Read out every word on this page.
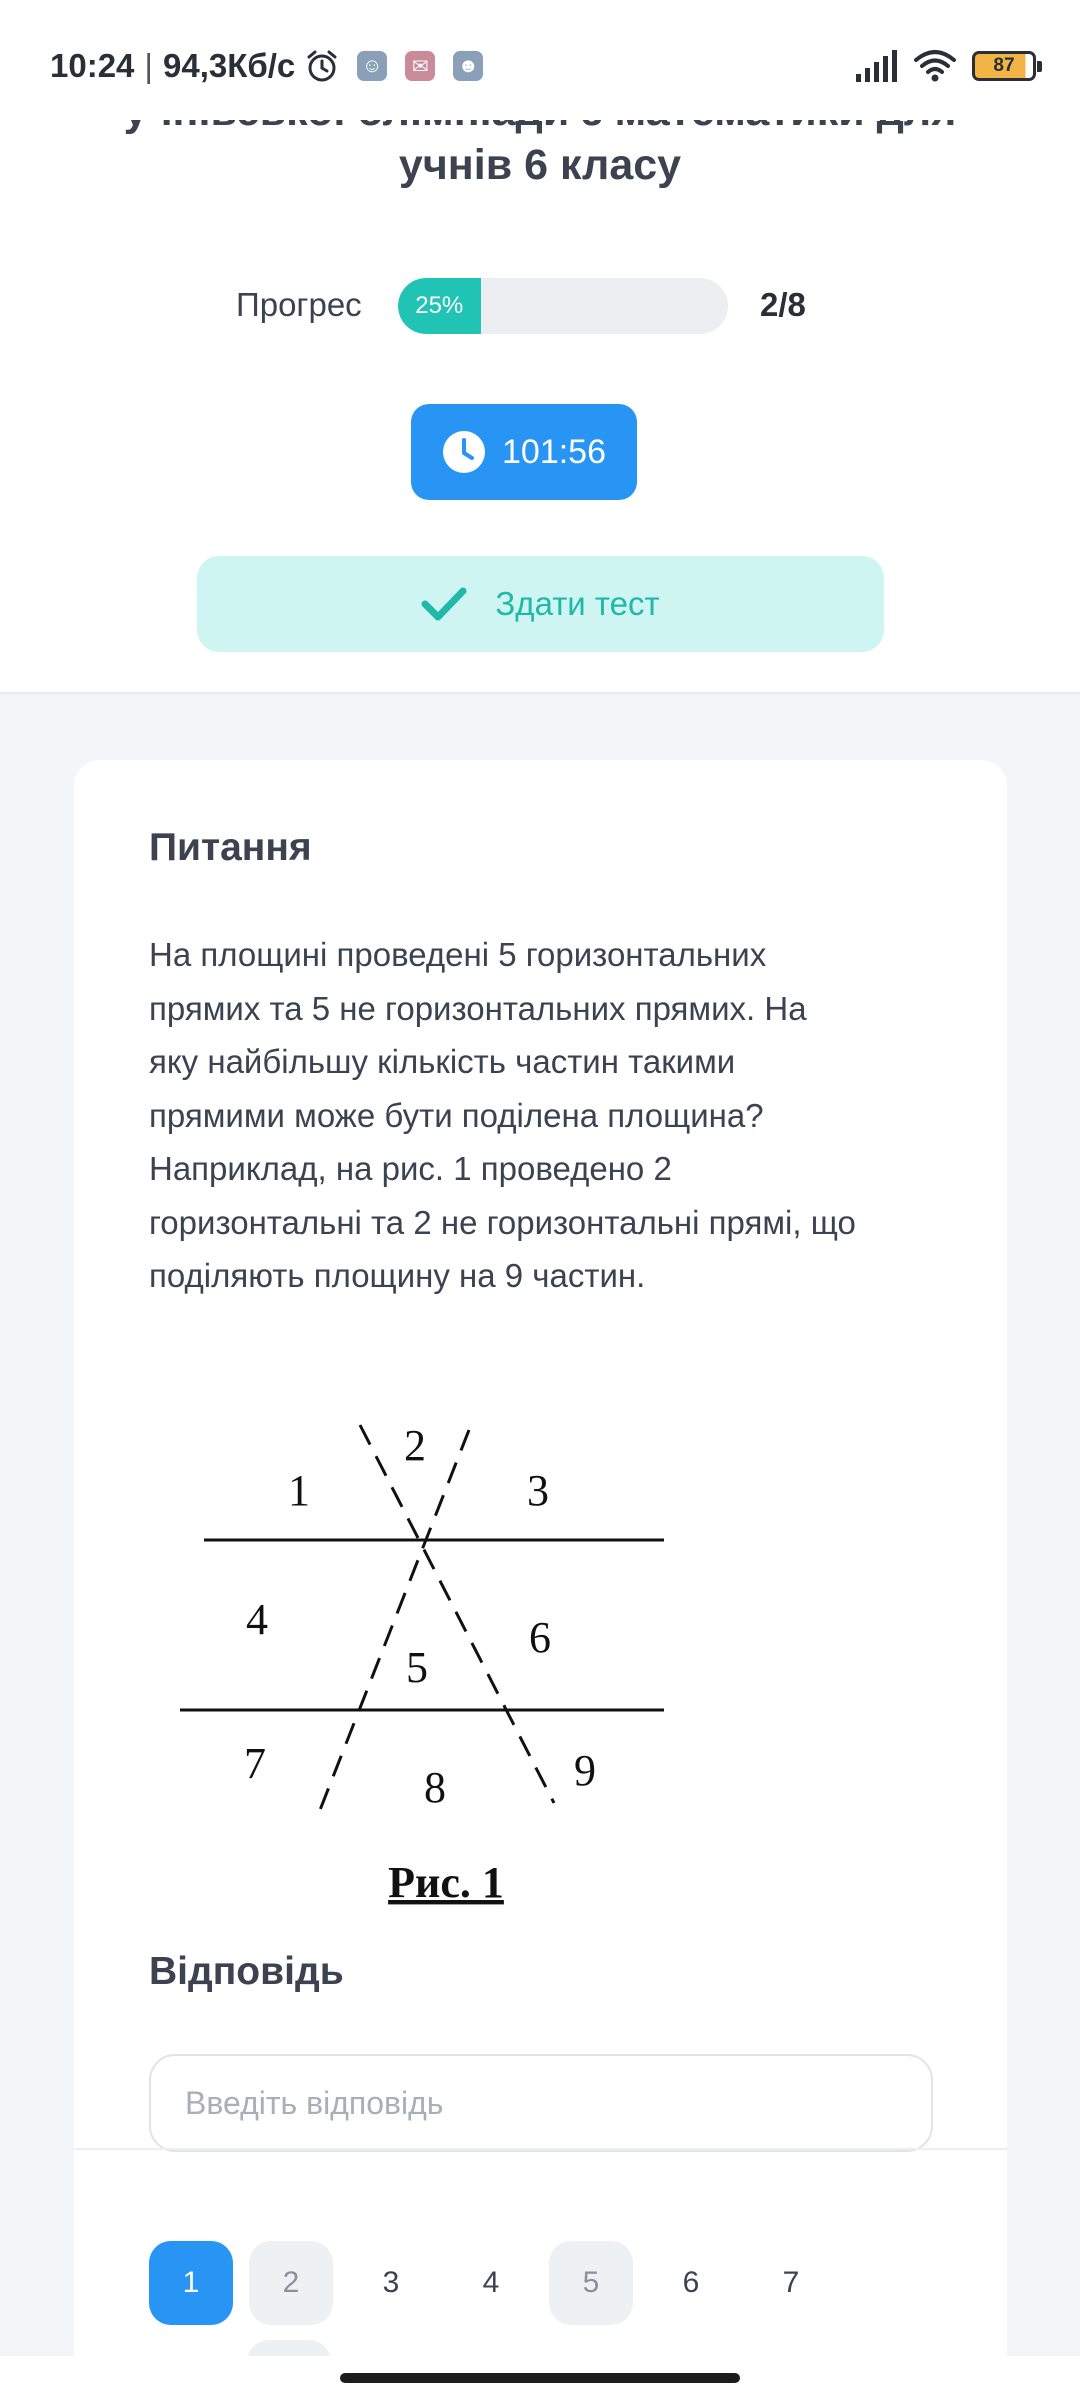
учнів 6 класу
Прогрес 25%	2/8
101:56
Здати тест
10:24 | 94,3Кб/с	☺	✉	☻	87
Питання
На площині проведені 5 горизонтальних
прямих та 5 не горизонтальних прямих. На
яку найбільшу кількість частин такими
прямими може бути поділена площина?
Наприклад, на рис. 1 проведено 2
горизонтальні та 2 не горизонтальні прямі, що
поділяють площину на 9 частин.
1
2
3
4
5
6
7	8	9
Рис. 1
Відповідь
Введіть відповідь
1	2	3	4	5	6	7
